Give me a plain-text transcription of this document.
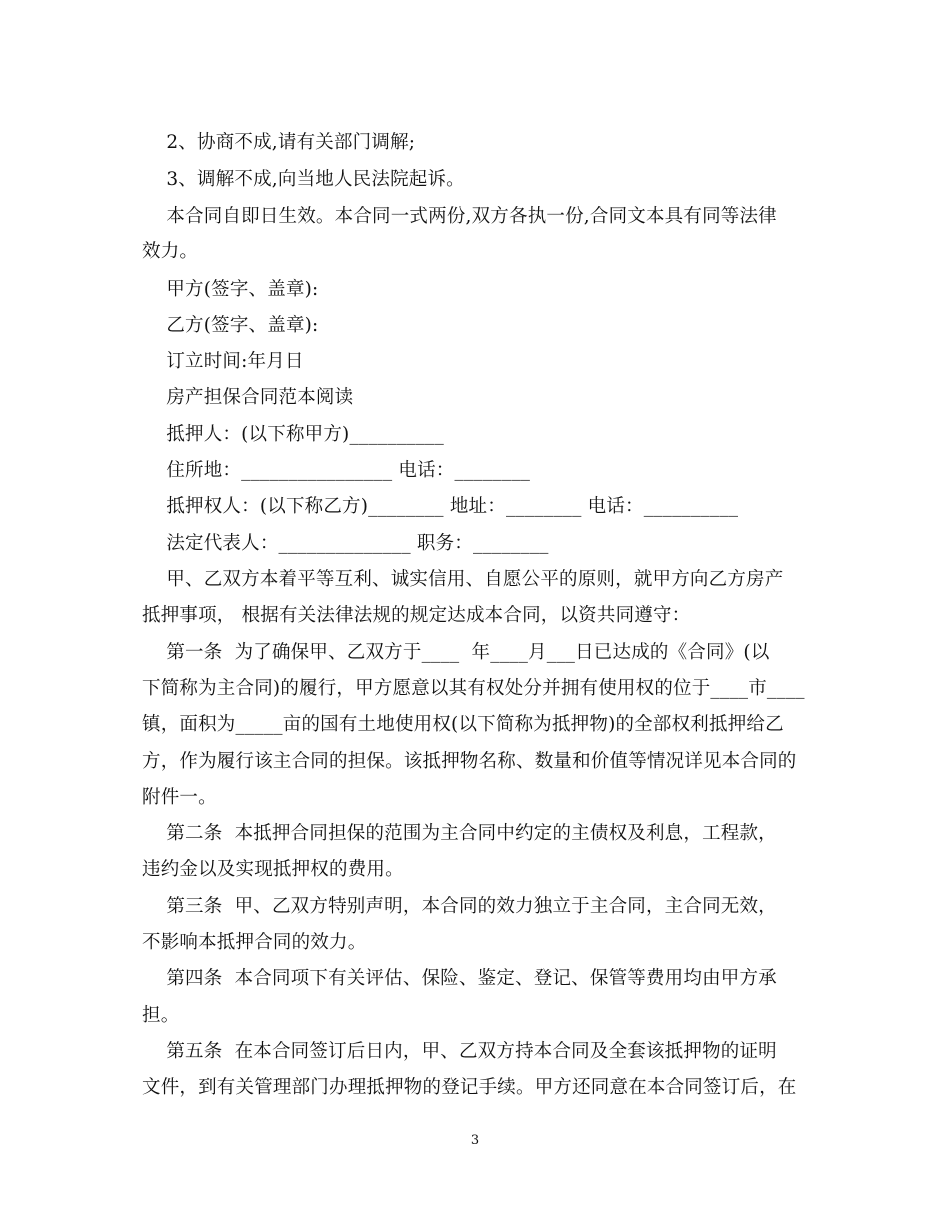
2、协商不成,请有关部门调解;
3、调解不成,向当地人民法院起诉。
本合同自即日生效。本合同一式两份,双方各执一份,合同文本具有同等法律
效力。
甲方(签字、盖章):
乙方(签字、盖章):
订立时间:年月日
房产担保合同范本阅读
抵押人：(以下称甲方)__________
住所地：________________ 电话：________
抵押权人：(以下称乙方)________ 地址：________ 电话：__________
法定代表人：______________ 职务：________
甲、乙双方本着平等互利、诚实信用、自愿公平的原则，就甲方向乙方房产
抵押事项， 根据有关法律法规的规定达成本合同，以资共同遵守：
第一条  为了确保甲、乙双方于____  年____月___日已达成的《合同》(以
下简称为主合同)的履行，甲方愿意以其有权处分并拥有使用权的位于____市____
镇，面积为_____亩的国有土地使用权(以下简称为抵押物)的全部权利抵押给乙
方，作为履行该主合同的担保。该抵押物名称、数量和价值等情况详见本合同的
附件一。
第二条  本抵押合同担保的范围为主合同中约定的主债权及利息，工程款，
违约金以及实现抵押权的费用。
第三条  甲、乙双方特别声明，本合同的效力独立于主合同，主合同无效，
不影响本抵押合同的效力。
第四条  本合同项下有关评估、保险、鉴定、登记、保管等费用均由甲方承
担。
第五条  在本合同签订后日内，甲、乙双方持本合同及全套该抵押物的证明
文件，到有关管理部门办理抵押物的登记手续。甲方还同意在本合同签订后，在
3
